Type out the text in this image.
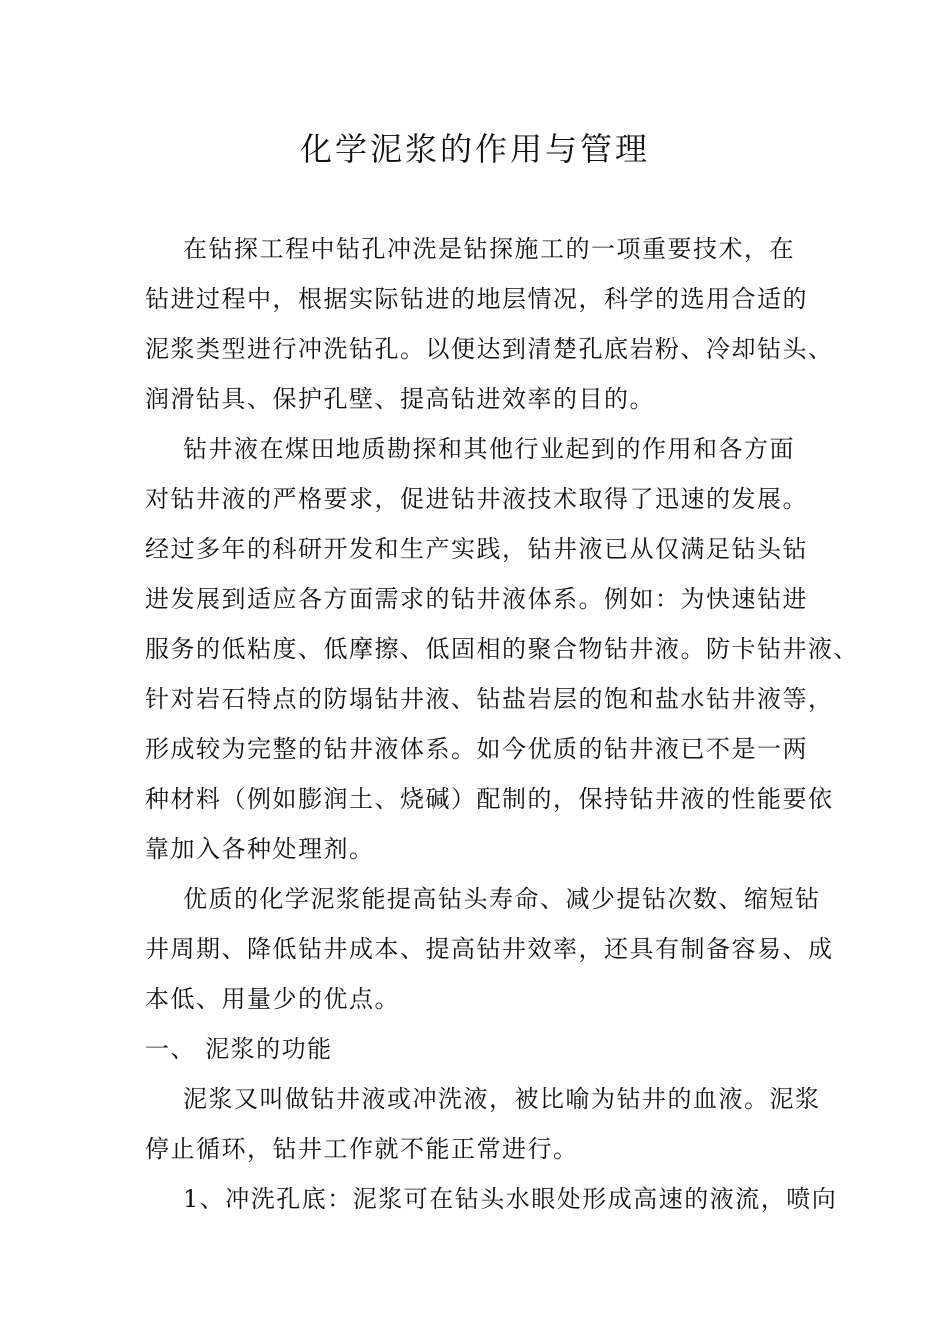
化学泥浆的作用与管理

在钻探工程中钻孔冲洗是钻探施工的一项重要技术，在

钻进过程中，根据实际钻进的地层情况，科学的选用合适的

泥浆类型进行冲洗钻孔。以便达到清楚孔底岩粉、冷却钻头、

润滑钻具、保护孔壁、提高钻进效率的目的。

钻井液在煤田地质勘探和其他行业起到的作用和各方面

对钻井液的严格要求，促进钻井液技术取得了迅速的发展。

经过多年的科研开发和生产实践，钻井液已从仅满足钻头钻

进发展到适应各方面需求的钻井液体系。例如：为快速钻进

服务的低粘度、低摩擦、低固相的聚合物钻井液。防卡钻井液、

针对岩石特点的防塌钻井液、钻盐岩层的饱和盐水钻井液等，

形成较为完整的钻井液体系。如今优质的钻井液已不是一两

种材料（例如膨润土、烧碱）配制的，保持钻井液的性能要依

靠加入各种处理剂。

优质的化学泥浆能提高钻头寿命、减少提钻次数、缩短钻

井周期、降低钻井成本、提高钻井效率，还具有制备容易、成

本低、用量少的优点。

一、 泥浆的功能

泥浆又叫做钻井液或冲洗液，被比喻为钻井的血液。泥浆

停止循环，钻井工作就不能正常进行。

1、冲洗孔底：泥浆可在钻头水眼处形成高速的液流，喷向
